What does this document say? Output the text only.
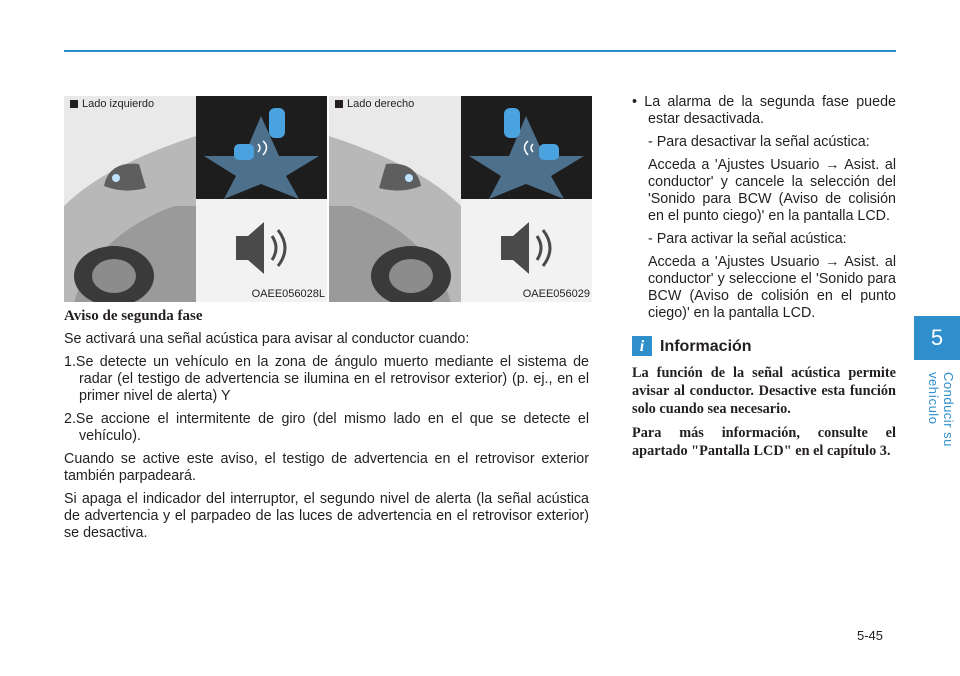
Lado izquierdo
OAEE056028L
Lado derecho
OAEE056029
Aviso de segunda fase

Se activará una señal acústica para avisar al conductor cuando:

1.Se detecte un vehículo en la zona de ángulo muerto mediante el sistema de radar (el testigo de advertencia se ilumina en el retrovisor exterior) (p. ej., en el primer nivel de alerta) Y

2.Se accione el intermitente de giro (del mismo lado en el que se detecte el vehículo).

Cuando se active este aviso, el testigo de advertencia en el retrovisor exterior también parpadeará.

Si apaga el indicador del interruptor, el segundo nivel de alerta (la señal acústica de advertencia y el parpadeo de las luces de advertencia en el retrovisor exterior) se desactiva.

• La alarma de la segunda fase puede estar desactivada.

- Para desactivar la señal acústica:

Acceda a 'Ajustes Usuario → Asist. al conductor' y cancele la selección del 'Sonido para BCW (Aviso de colisión en el punto ciego)' en la pantalla LCD.

- Para activar la señal acústica:

Acceda a 'Ajustes Usuario → Asist. al conductor' y seleccione el 'Sonido para BCW (Aviso de colisión en el punto ciego)' en la pantalla LCD.

i Información

La función de la señal acústica permite avisar al conductor. Desactive esta función solo cuando sea necesario.

Para más información, consulte el apartado "Pantalla LCD" en el capítulo 3.

5
Conducir su vehículo
5-45
